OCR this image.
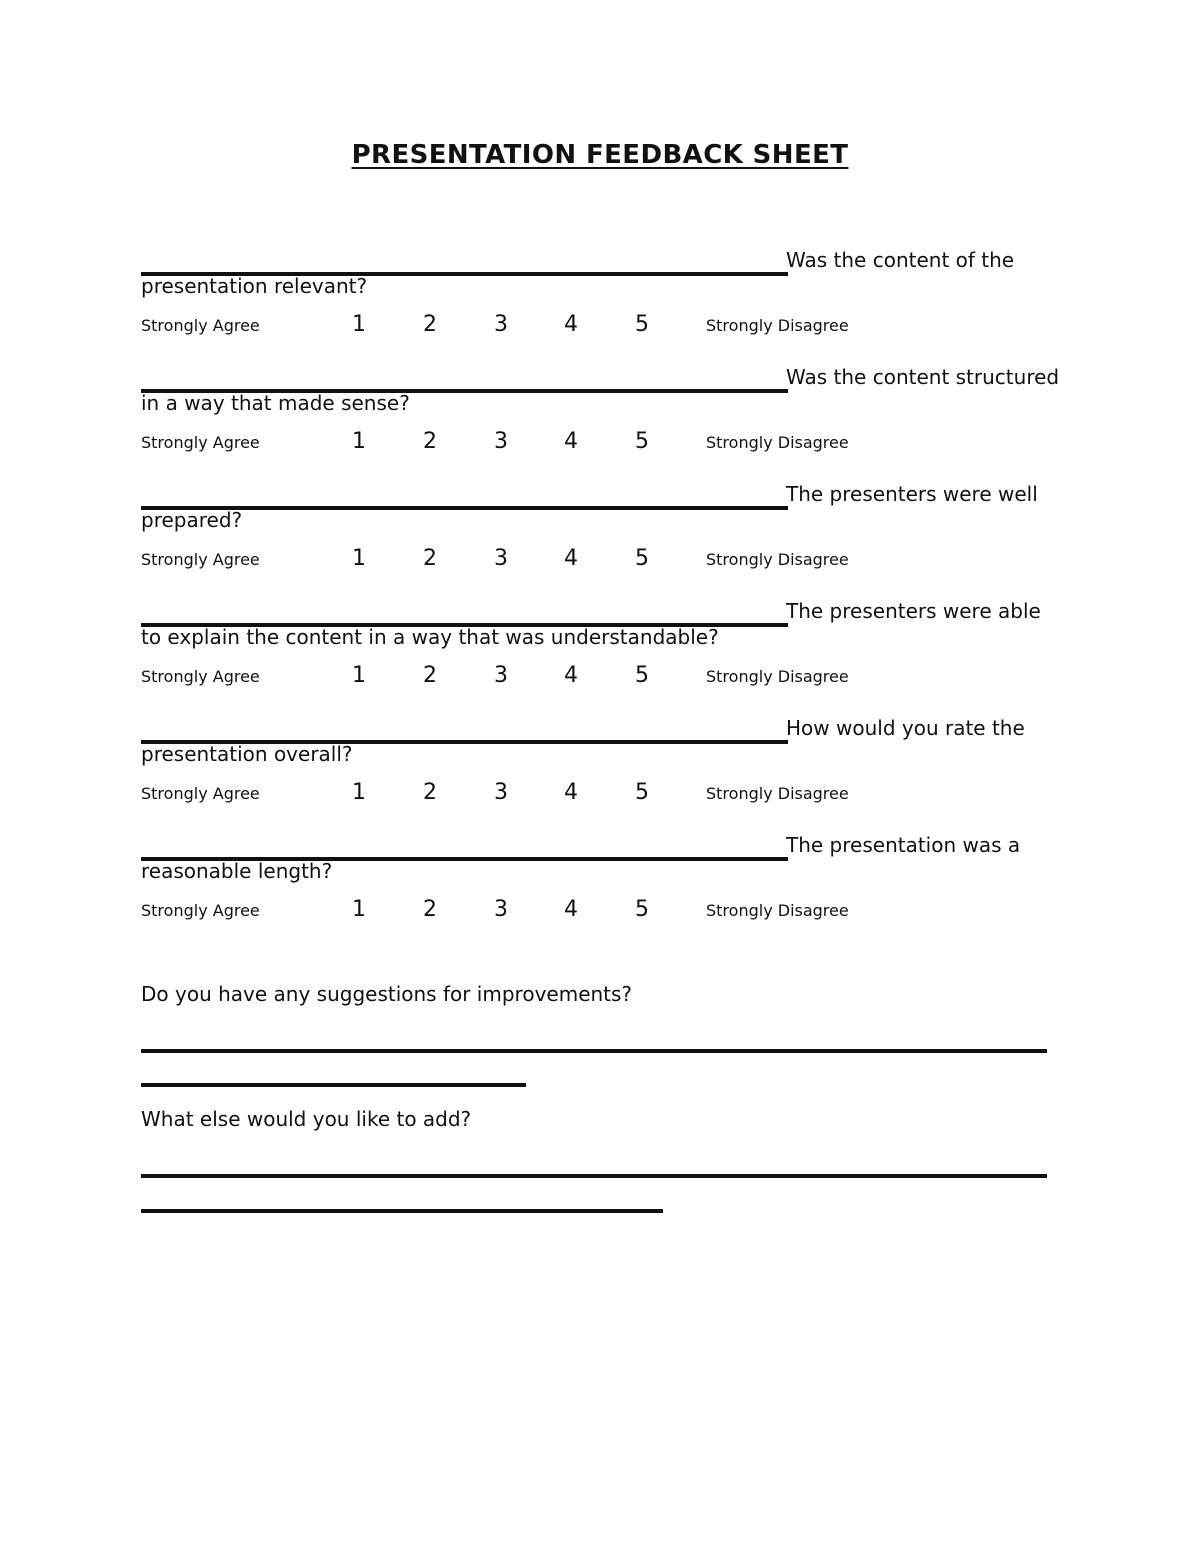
PRESENTATION FEEDBACK SHEET
Was the content of the
presentation relevant?
Strongly Agree	1	2	3	4	5	Strongly Disagree
Was the content structured
in a way that made sense?
Strongly Agree	1	2	3	4	5	Strongly Disagree
The presenters were well
prepared?
Strongly Agree	1	2	3	4	5	Strongly Disagree
The presenters were able
to explain the content in a way that was understandable?
Strongly Agree	1	2	3	4	5	Strongly Disagree
How would you rate the
presentation overall?
Strongly Agree	1	2	3	4	5	Strongly Disagree
The presentation was a
reasonable length?
Strongly Agree	1	2	3	4	5	Strongly Disagree
Do you have any suggestions for improvements?
What else would you like to add?
